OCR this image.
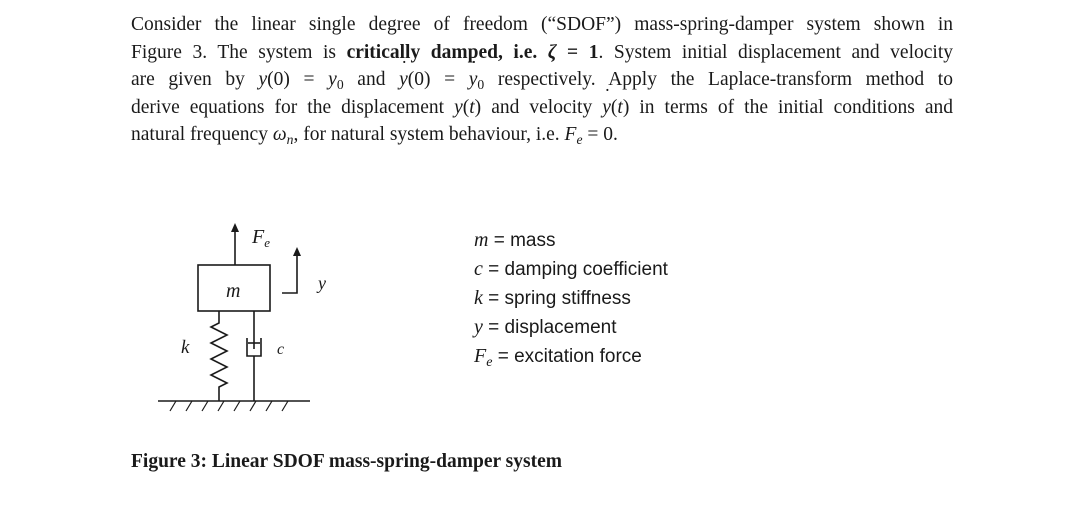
Consider the linear single degree of freedom (“SDOF”) mass-spring-damper system shown in
Figure 3. The system is critically damped, i.e. ζ = 1. System initial displacement and velocity
are given by $y(0) = y_0$ and ˙ y(0) = ˙ $y_0$ respectively. Apply the Laplace-transform method to
derive equations for the displacement y(t) and velocity ˙ y(t) in terms of the initial conditions and
natural frequency $\omega_n$, for natural system behaviour, i.e. $F_e = 0$.
$F_e$
m	y
k	c
m = mass
c = damping coefficient
k = spring stiffness
y = displacement
$F_e$ = excitation force
Figure 3: Linear SDOF mass-spring-damper system
